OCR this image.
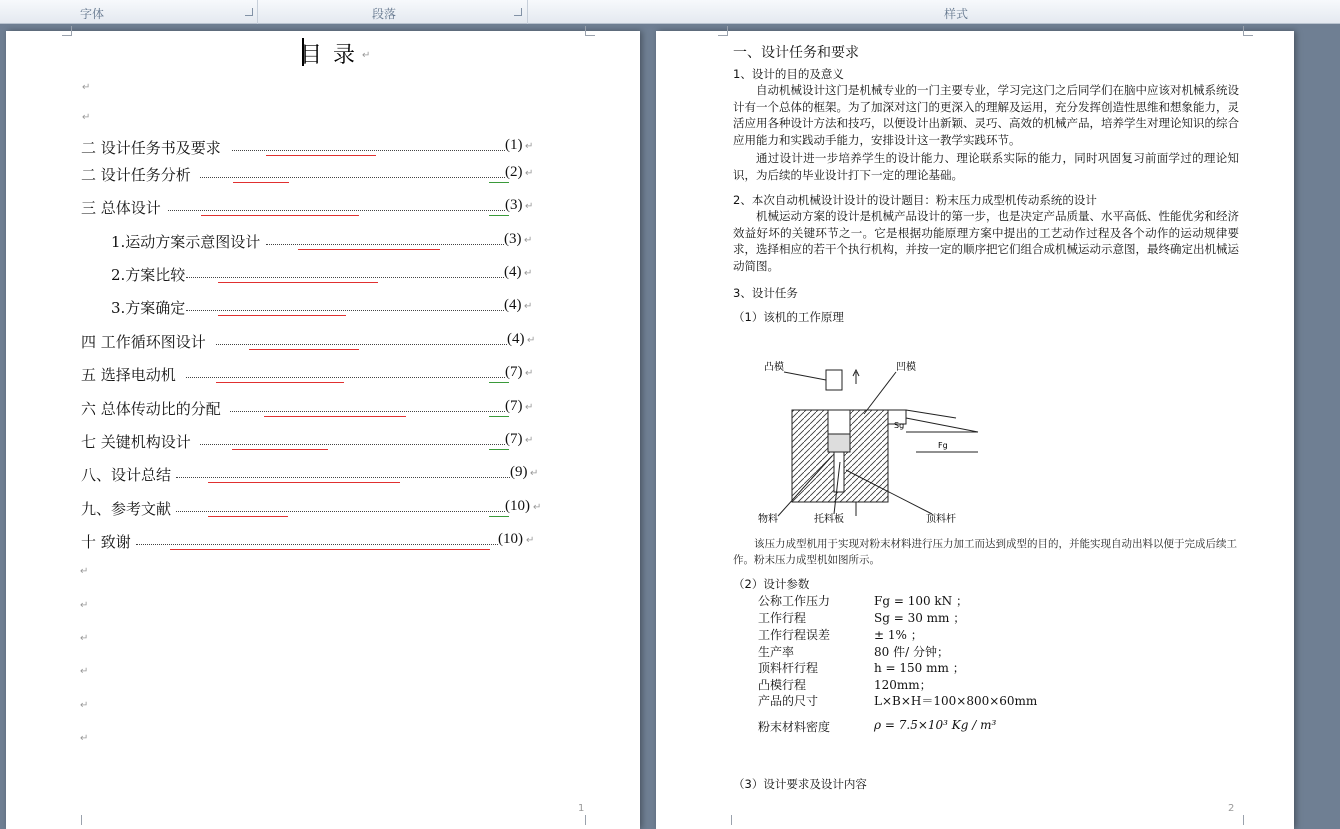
字体	段落	样式
目 录 ↵
↵
↵
二 设计任务书及要求	(1) ↵
二 设计任务分析	(2) ↵
三 总体设计	(3) ↵
1.运动方案示意图设计	(3) ↵
2.方案比较	(4) ↵
3.方案确定	(4) ↵
四 工作循环图设计	(4) ↵
五 选择电动机	(7) ↵
六 总体传动比的分配	(7) ↵
七 关键机构设计	(7) ↵
八、设计总结	(9) ↵
九、参考文献	(10) ↵
十 致谢	(10) ↵
↵
↵
↵
↵
↵
↵
1
一、设计任务和要求
1、设计的目的及意义
自动机械设计这门是机械专业的一门主要专业，学习完这门之后同学们在脑中应该对机械系统设计有一个总体的框架。为了加深对这门的更深入的理解及运用，充分发挥创造性思维和想象能力，灵活应用各种设计方法和技巧，以便设计出新颖、灵巧、高效的机械产品，培养学生对理论知识的综合应用能力和实践动手能力，安排设计这一教学实践环节。
通过设计进一步培养学生的设计能力、理论联系实际的能力，同时巩固复习前面学过的理论知识，为后续的毕业设计打下一定的理论基础。
2、本次自动机械设计设计的设计题目：粉末压力成型机传动系统的设计
机械运动方案的设计是机械产品设计的第一步，也是决定产品质量、水平高低、性能优劣和经济效益好坏的关键环节之一。它是根据功能原理方案中提出的工艺动作过程及各个动作的运动规律要求，选择相应的若干个执行机构，并按一定的顺序把它们组合成机械运动示意图，最终确定出机械运动简图。
3、设计任务
（1）该机的工作原理
凸模	凹模
Sg
Fg
物料	托料板	顶料杆
该压力成型机用于实现对粉末材料进行压力加工而达到成型的目的，并能实现自动出料以便于完成后续工作。粉末压力成型机如图所示。
（2）设计参数
公称工作压力	Fg = 100 kN ；
工作行程	Sg = 30 mm ；
工作行程误差	± 1% ；
生产率	80 件/ 分钟；
顶料杆行程	h = 150 mm ；
凸模行程	120mm；
产品的尺寸	L×B×H＝100×800×60mm
粉末材料密度	ρ = 7.5×10³ Kg / m³
（3）设计要求及设计内容
2
